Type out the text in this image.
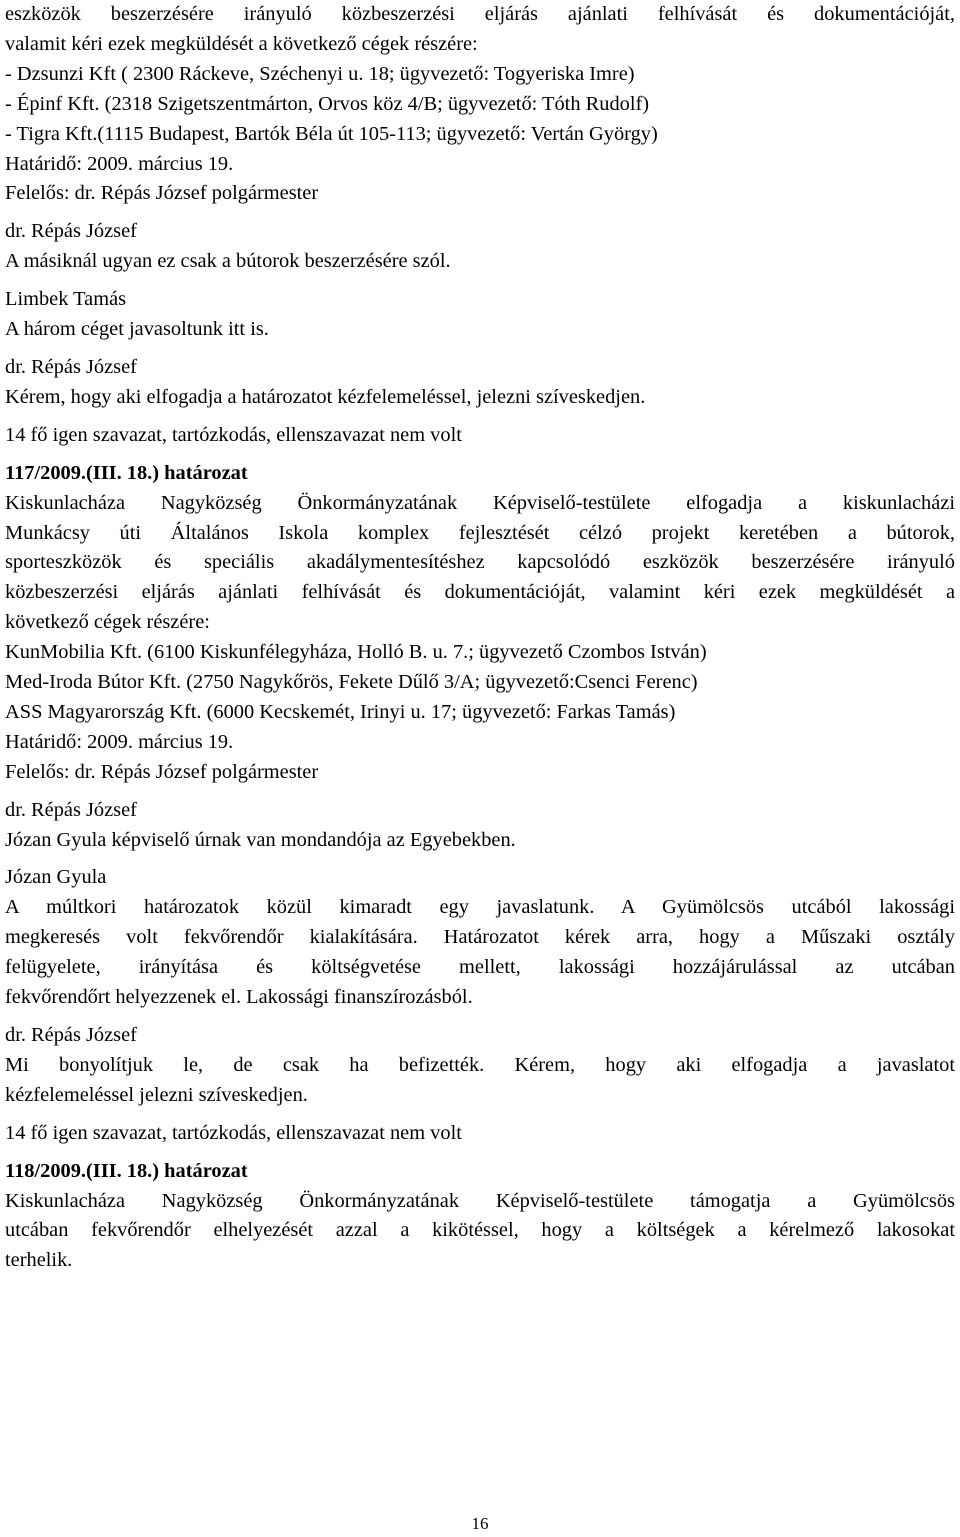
eszközök beszerzésére irányuló közbeszerzési eljárás ajánlati felhívását és dokumentációját,
valamit kéri ezek megküldését a következő cégek részére:
- Dzsunzi Kft ( 2300 Ráckeve, Széchenyi u. 18; ügyvezető: Togyeriska Imre)
- Épinf Kft. (2318 Szigetszentmárton, Orvos köz 4/B; ügyvezető: Tóth Rudolf)
- Tigra Kft.(1115 Budapest, Bartók Béla út 105-113; ügyvezető: Vertán György)
Határidő: 2009. március 19.
Felelős: dr. Répás József polgármester
dr. Répás József
A másiknál ugyan ez csak a bútorok beszerzésére szól.
Limbek Tamás
A három céget javasoltunk itt is.
dr. Répás József
Kérem, hogy aki elfogadja a határozatot kézfelemeléssel, jelezni szíveskedjen.
14 fő igen szavazat, tartózkodás, ellenszavazat nem volt
117/2009.(III. 18.) határozat
Kiskunlacháza Nagyközség Önkormányzatának Képviselő-testülete elfogadja a kiskunlacházi
Munkácsy úti Általános Iskola komplex fejlesztését célzó projekt keretében a bútorok,
sporteszközök és speciális akadálymentesítéshez kapcsolódó eszközök beszerzésére irányuló
közbeszerzési eljárás ajánlati felhívását és dokumentációját, valamint kéri ezek megküldését a
következő cégek részére:
KunMobilia Kft. (6100 Kiskunfélegyháza, Holló B. u. 7.; ügyvezető Czombos István)
Med-Iroda Bútor Kft. (2750 Nagykőrös, Fekete Dűlő 3/A; ügyvezető:Csenci Ferenc)
ASS Magyarország Kft. (6000 Kecskemét, Irinyi u. 17; ügyvezető: Farkas Tamás)
Határidő: 2009. március 19.
Felelős: dr. Répás József polgármester
dr. Répás József
Józan Gyula képviselő úrnak van mondandója az Egyebekben.
Józan Gyula
A múltkori határozatok közül kimaradt egy javaslatunk. A Gyümölcsös utcából lakossági
megkeresés volt fekvőrendőr kialakítására. Határozatot kérek arra, hogy a Műszaki osztály
felügyelete, irányítása és költségvetése mellett, lakossági hozzájárulással az utcában
fekvőrendőrt helyezzenek el. Lakossági finanszírozásból.
dr. Répás József
Mi bonyolítjuk le, de csak ha befizették. Kérem, hogy aki elfogadja a javaslatot
kézfelemeléssel jelezni szíveskedjen.
14 fő igen szavazat, tartózkodás, ellenszavazat nem volt
118/2009.(III. 18.) határozat
Kiskunlacháza Nagyközség Önkormányzatának Képviselő-testülete támogatja a Gyümölcsös
utcában fekvőrendőr elhelyezését azzal a kikötéssel, hogy a költségek a kérelmező lakosokat
terhelik.
16
